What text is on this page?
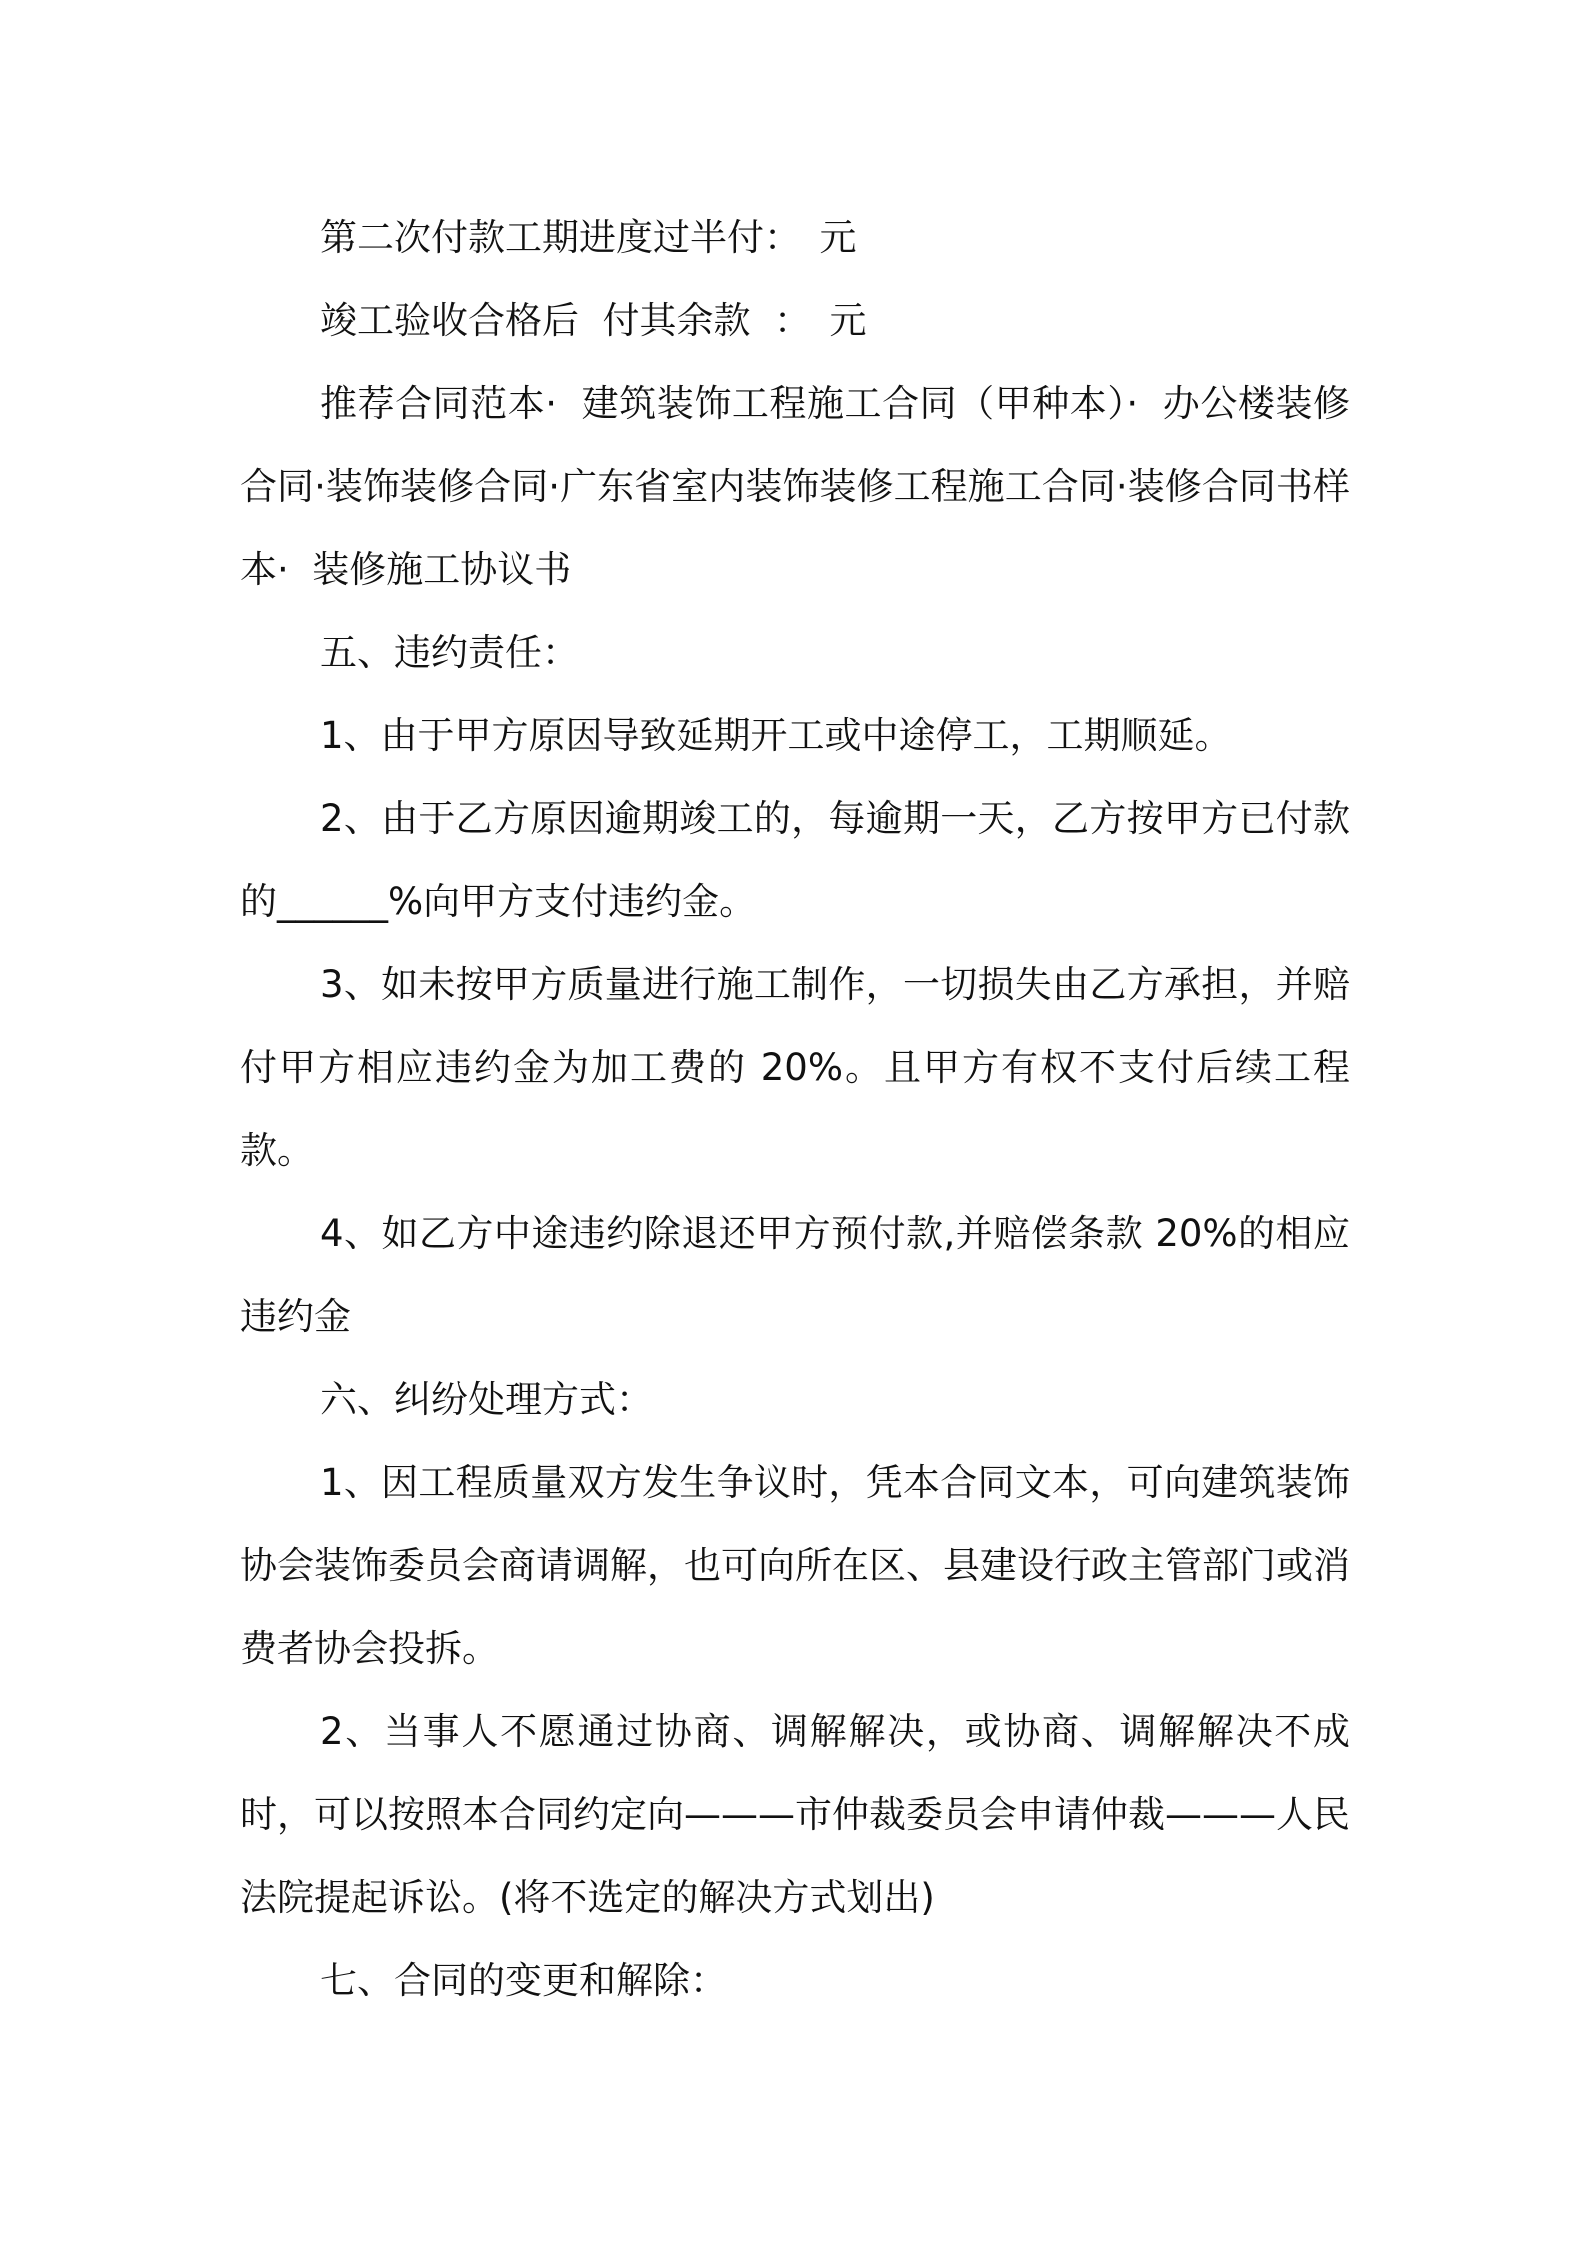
第二次付款工期进度过半付：　元

竣工验收合格后  付其余款  ：　元

推荐合同范本·  建筑装饰工程施工合同（甲种本）·  办公楼装修合同·装饰装修合同·广东省室内装饰装修工程施工合同·装修合同书样本·  装修施工协议书

五、违约责任：

1、由于甲方原因导致延期开工或中途停工，工期顺延。

2、由于乙方原因逾期竣工的，每逾期一天，乙方按甲方已付款的______%向甲方支付违约金。

3、如未按甲方质量进行施工制作，一切损失由乙方承担，并赔付甲方相应违约金为加工费的 20%。且甲方有权不支付后续工程款。

4、如乙方中途违约除退还甲方预付款,并赔偿条款 20%的相应违约金

六、纠纷处理方式：

1、因工程质量双方发生争议时，凭本合同文本，可向建筑装饰协会装饰委员会商请调解，也可向所在区、县建设行政主管部门或消费者协会投拆。

2、当事人不愿通过协商、调解解决，或协商、调解解决不成时，可以按照本合同约定向———市仲裁委员会申请仲裁———人民法院提起诉讼。(将不选定的解决方式划出)

七、合同的变更和解除：
